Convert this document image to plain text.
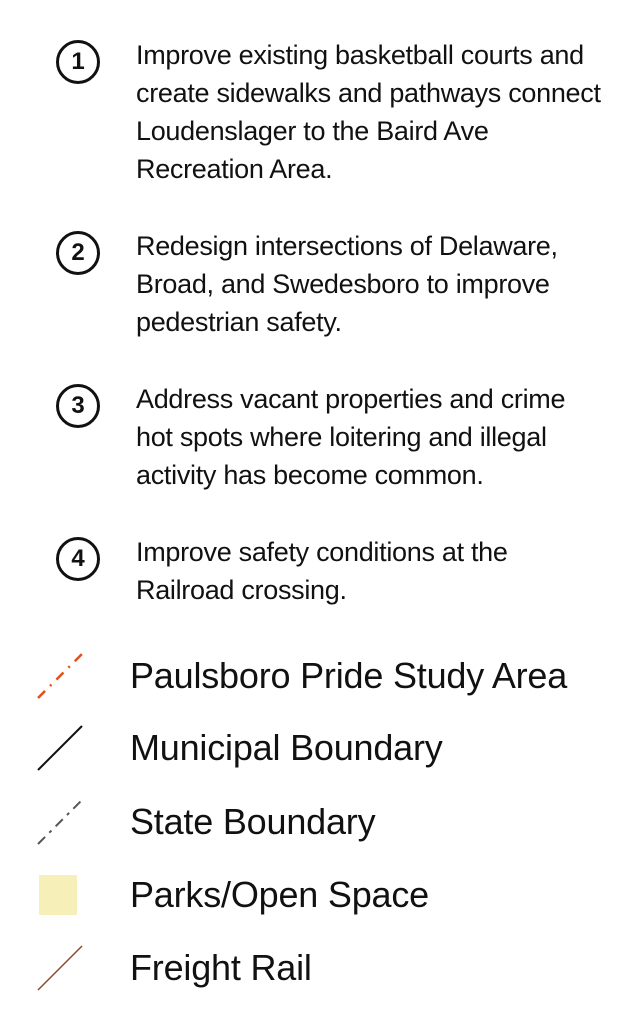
1	Improve existing basketball courts and create sidewalks and pathways connect Loudenslager to the Baird Ave Recreation Area.
2	Redesign intersections of Delaware, Broad, and Swedesboro to improve pedestrian safety.
3	Address vacant properties and crime hot spots where loitering and illegal activity has become common.
4	Improve safety conditions at the Railroad crossing.
Paulsboro Pride Study Area
Municipal Boundary
State Boundary
Parks/Open Space
Freight Rail
